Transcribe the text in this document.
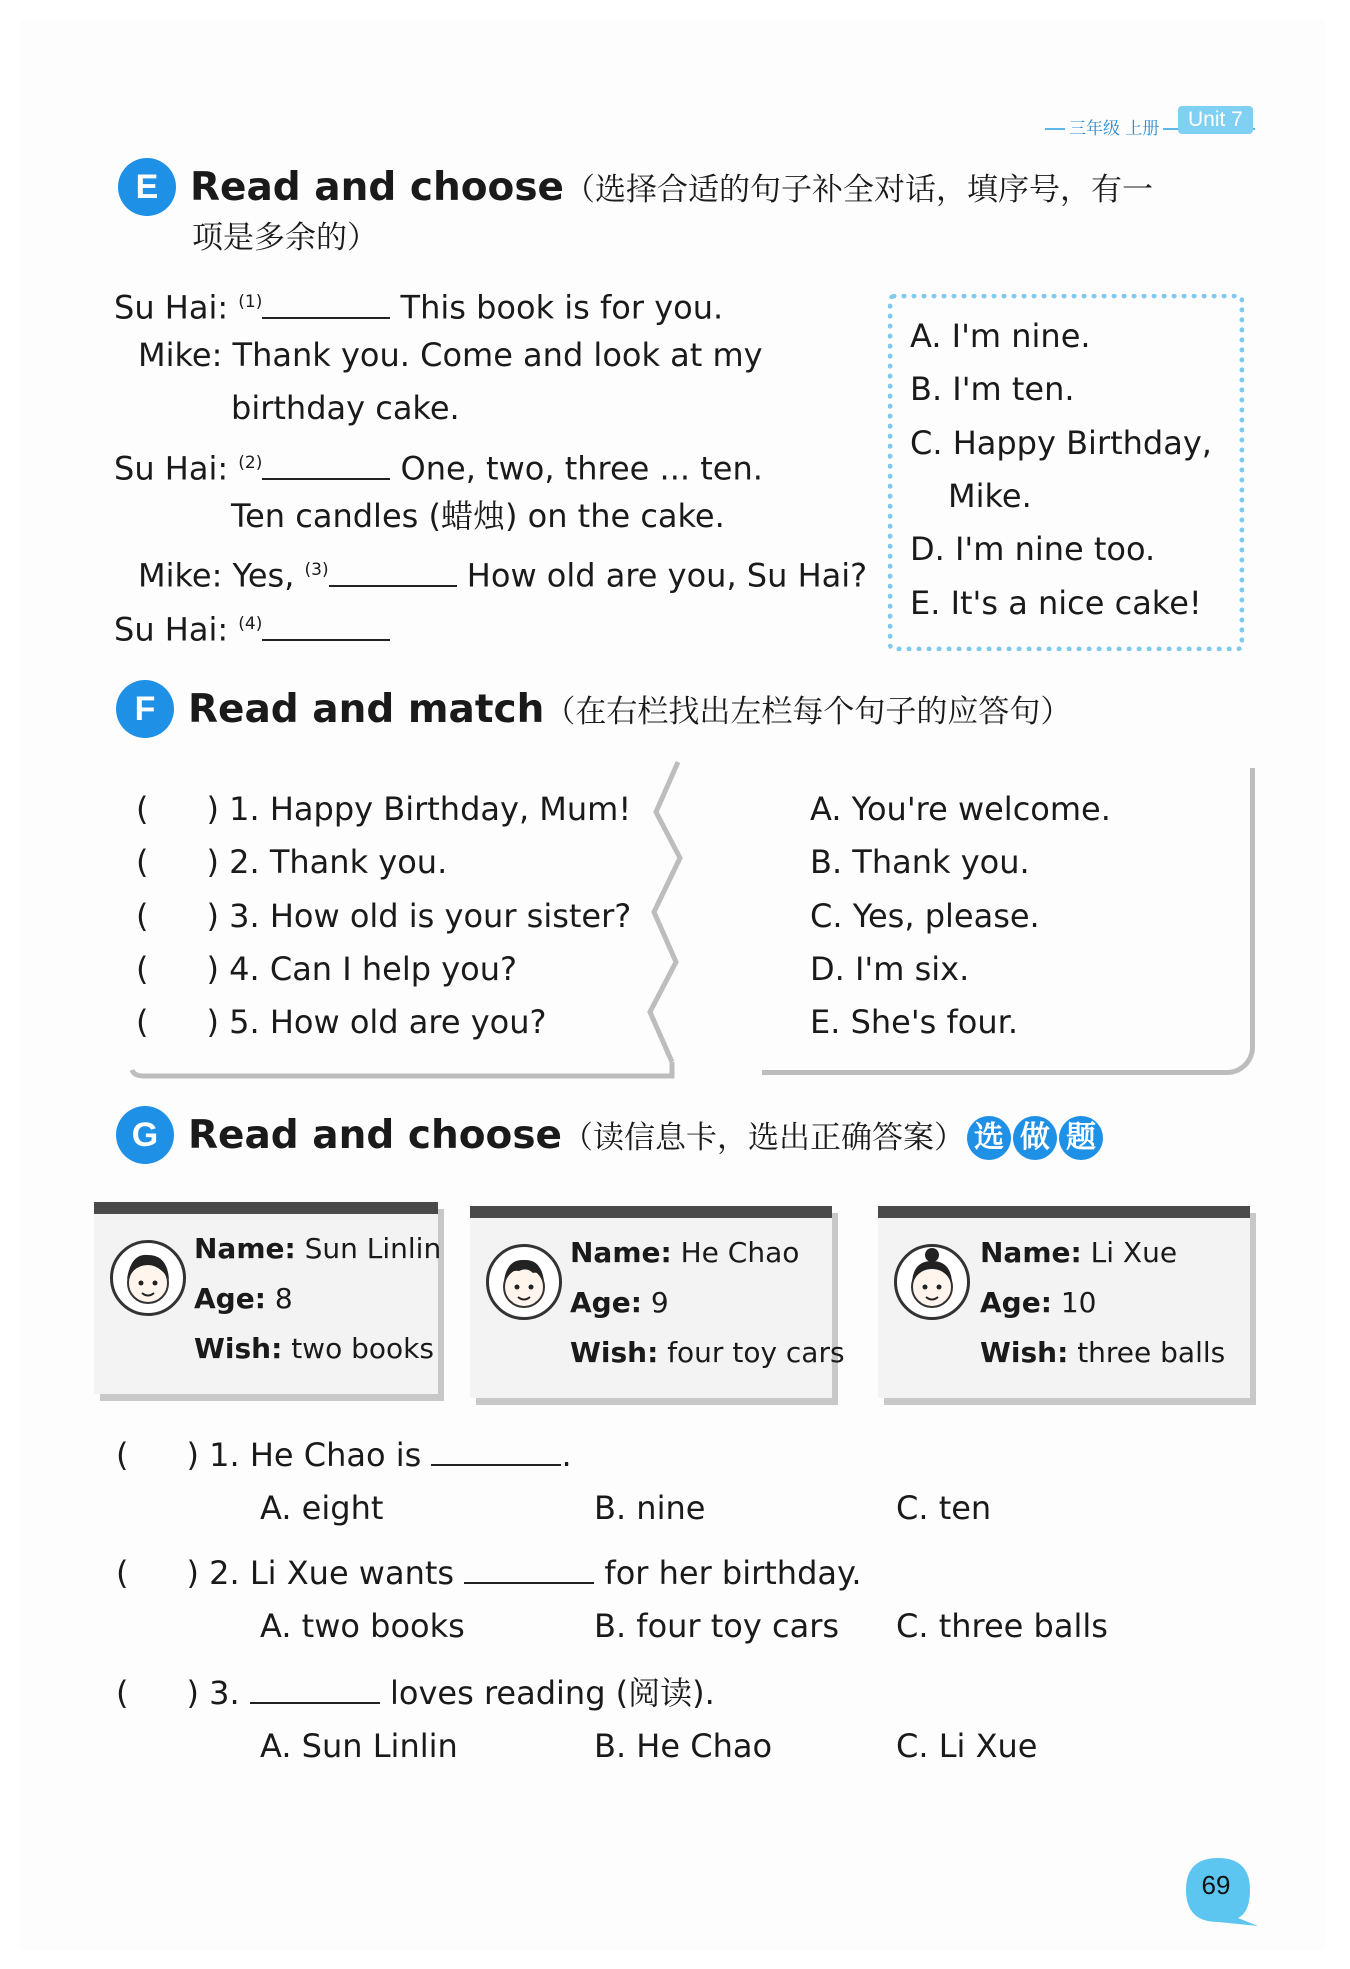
三年级 上册	Unit 7
E Read and choose（选择合适的句子补全对话，填序号，有一
项是多余的）
Su Hai: $^{(1)}$	This book is for you.
Mike: Thank you. Come and look at my
birthday cake.
Su Hai: $^{(2)}$	One, two, three ... ten.
Ten candles (蜡烛) on the cake.
Mike: Yes, $^{(3)}$	How old are you, Su Hai?
Su Hai: $^{(4)}$
A. I'm nine.
B. I'm ten.
C. Happy Birthday,
Mike.
D. I'm nine too.
E. It's a nice cake!
F Read and match（在右栏找出左栏每个句子的应答句）
( ) 1. Happy Birthday, Mum!
( ) 2. Thank you.
( ) 3. How old is your sister?
( ) 4. Can I help you?
( ) 5. How old are you?
A. You're welcome.
B. Thank you.
C. Yes, please.
D. I'm six.
E. She's four.
G Read and choose（读信息卡，选出正确答案） 选 做 题
Name: Sun Linlin
Age: 8
Wish: two books
Name: He Chao
Age: 9
Wish: four toy cars
Name: Li Xue
Age: 10
Wish: three balls
( ) 1. He Chao is	.
A. eight	B. nine	C. ten
( ) 2. Li Xue wants	for her birthday.
A. two books	B. four toy cars C. three balls
( ) 3.	loves reading (阅读).
A. Sun Linlin	B. He Chao	C. Li Xue
69
